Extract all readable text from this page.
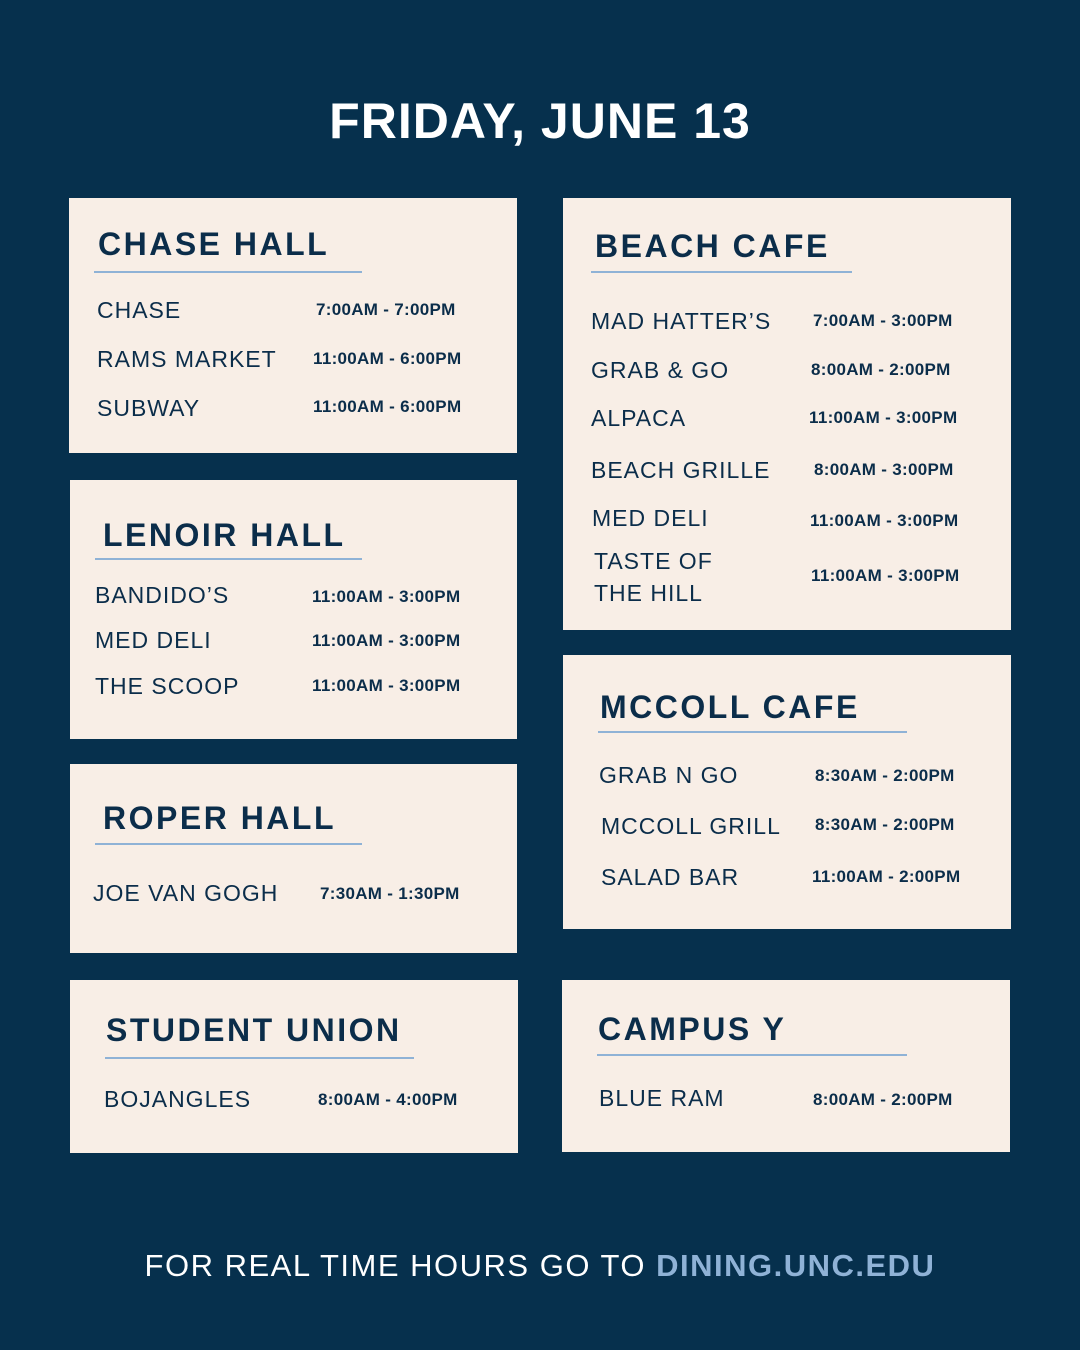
FRIDAY, JUNE 13
CHASE HALL
CHASE	7:00AM - 7:00PM
RAMS MARKET 11:00AM - 6:00PM
SUBWAY	11:00AM - 6:00PM
LENOIR HALL
BANDIDO’S	11:00AM - 3:00PM
MED DELI	11:00AM - 3:00PM
THE SCOOP	11:00AM - 3:00PM
ROPER HALL
JOE VAN GOGH 7:30AM - 1:30PM
STUDENT UNION
BOJANGLES	8:00AM - 4:00PM
BEACH CAFE
MAD HATTER’S 7:00AM - 3:00PM
GRAB & GO	8:00AM - 2:00PM
ALPACA	11:00AM - 3:00PM
BEACH GRILLE	8:00AM - 3:00PM
MED DELI	11:00AM - 3:00PM
TASTE OF
THE HILL
11:00AM - 3:00PM
MCCOLL CAFE
GRAB N GO	8:30AM - 2:00PM
MCCOLL GRILL 8:30AM - 2:00PM
SALAD BAR	11:00AM - 2:00PM
CAMPUS Y
BLUE RAM	8:00AM - 2:00PM
FOR REAL TIME HOURS GO TO DINING.UNC.EDU
